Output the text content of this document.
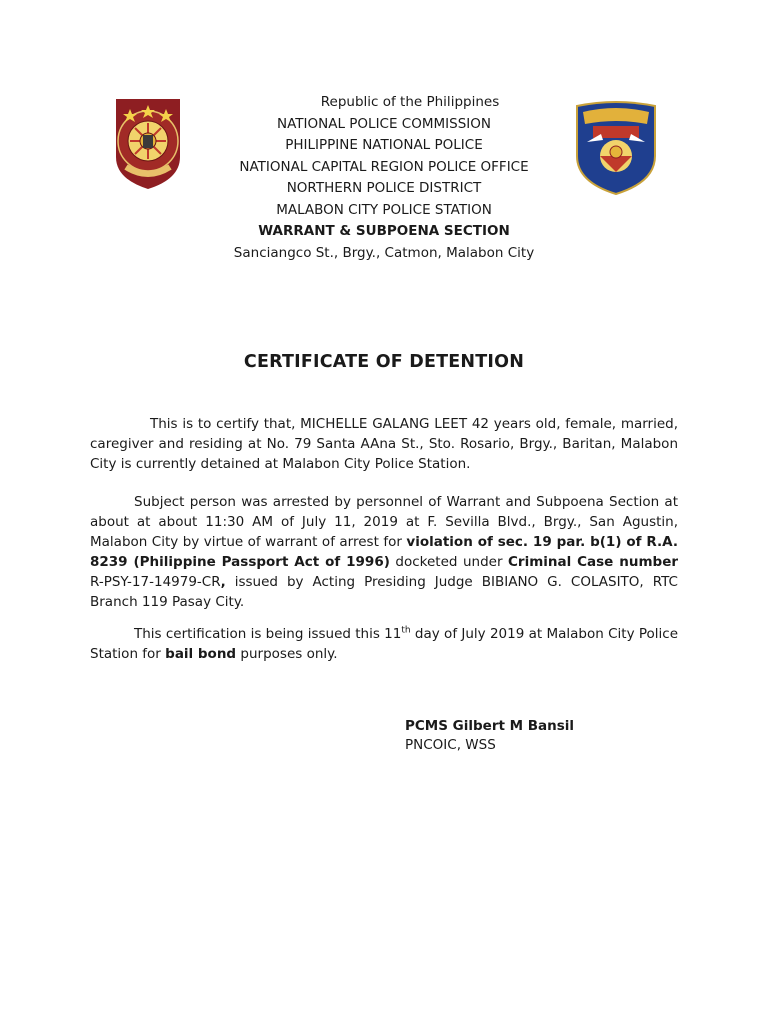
Republic of the Philippines
NATIONAL POLICE COMMISSION
PHILIPPINE NATIONAL POLICE
NATIONAL CAPITAL REGION POLICE OFFICE
NORTHERN POLICE DISTRICT
MALABON CITY POLICE STATION
WARRANT & SUBPOENA SECTION
Sanciangco St., Brgy., Catmon, Malabon City
CERTIFICATE OF DETENTION
This is to certify that, MICHELLE GALANG LEET 42 years old, female, married, caregiver and residing at No. 79 Santa AAna St., Sto. Rosario, Brgy., Baritan, Malabon City is currently detained at Malabon City Police Station.
Subject person was arrested by personnel of Warrant and Subpoena Section at about at about 11:30 AM of July 11, 2019 at F. Sevilla Blvd., Brgy., San Agustin, Malabon City by virtue of warrant of arrest for violation of sec. 19 par. b(1) of R.A. 8239 (Philippine Passport Act of 1996) docketed under Criminal Case number R-PSY-17-14979-CR, issued by Acting Presiding Judge BIBIANO G. COLASITO, RTC Branch 119 Pasay City.
This certification is being issued this 11th day of July 2019 at Malabon City Police Station for bail bond purposes only.
PCMS Gilbert M Bansil
PNCOIC, WSS
